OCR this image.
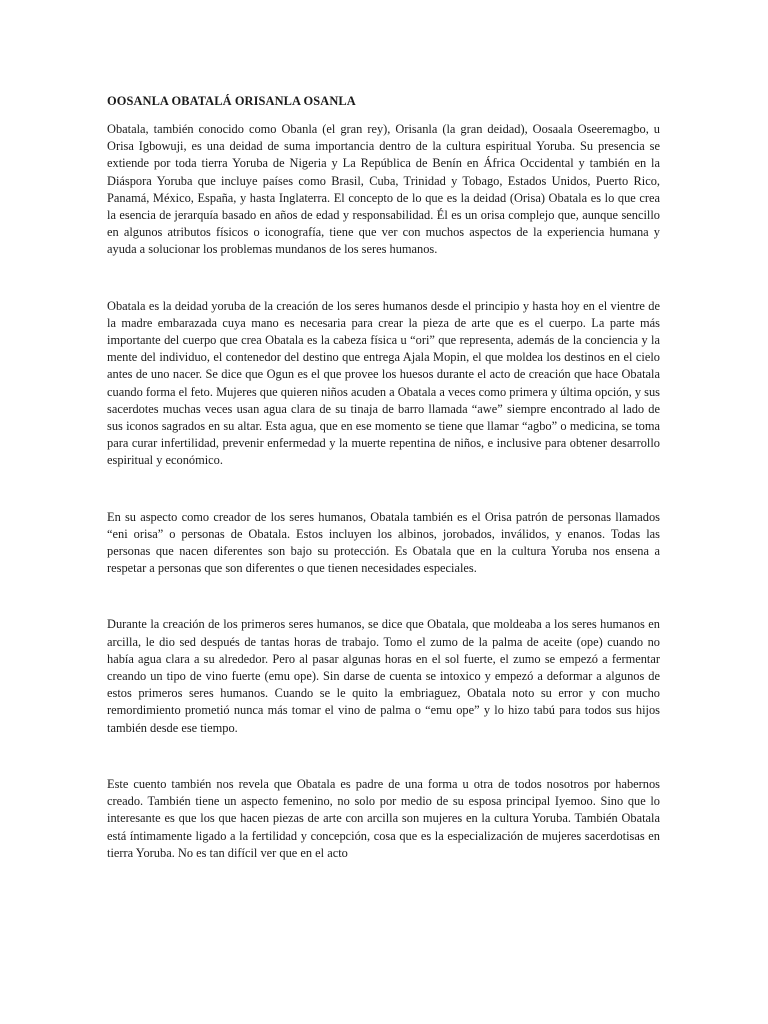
OOSANLA OBATALÁ ORISANLA OSANLA

Obatala, también conocido como Obanla (el gran rey), Orisanla (la gran deidad), Oosaala Oseeremagbo, u Orisa Igbowuji, es una deidad de suma importancia dentro de la cultura espiritual Yoruba. Su presencia se extiende por toda tierra Yoruba de Nigeria y La República de Benín en África Occidental y también en la Diáspora Yoruba que incluye países como Brasil, Cuba, Trinidad y Tobago, Estados Unidos, Puerto Rico, Panamá, México, España, y hasta Inglaterra. El concepto de lo que es la deidad (Orisa) Obatala es lo que crea la esencia de jerarquía basado en años de edad y responsabilidad. Él es un orisa complejo que, aunque sencillo en algunos atributos físicos o iconografía, tiene que ver con muchos aspectos de la experiencia humana y ayuda a solucionar los problemas mundanos de los seres humanos.

Obatala es la deidad yoruba de la creación de los seres humanos desde el principio y hasta hoy en el vientre de la madre embarazada cuya mano es necesaria para crear la pieza de arte que es el cuerpo. La parte más importante del cuerpo que crea Obatala es la cabeza física u “ori” que representa, además de la conciencia y la mente del individuo, el contenedor del destino que entrega Ajala Mopin, el que moldea los destinos en el cielo antes de uno nacer. Se dice que Ogun es el que provee los huesos durante el acto de creación que hace Obatala cuando forma el feto. Mujeres que quieren niños acuden a Obatala a veces como primera y última opción, y sus sacerdotes muchas veces usan agua clara de su tinaja de barro llamada “awe” siempre encontrado al lado de sus iconos sagrados en su altar. Esta agua, que en ese momento se tiene que llamar “agbo” o medicina, se toma para curar infertilidad, prevenir enfermedad y la muerte repentina de niños, e inclusive para obtener desarrollo espiritual y económico.

En su aspecto como creador de los seres humanos, Obatala también es el Orisa patrón de personas llamados “eni orisa” o personas de Obatala. Estos incluyen los albinos, jorobados, inválidos, y enanos. Todas las personas que nacen diferentes son bajo su protección. Es Obatala que en la cultura Yoruba nos ensena a respetar a personas que son diferentes o que tienen necesidades especiales.

Durante la creación de los primeros seres humanos, se dice que Obatala, que moldeaba a los seres humanos en arcilla, le dio sed después de tantas horas de trabajo. Tomo el zumo de la palma de aceite (ope) cuando no había agua clara a su alrededor. Pero al pasar algunas horas en el sol fuerte, el zumo se empezó a fermentar creando un tipo de vino fuerte (emu ope). Sin darse de cuenta se intoxico y empezó a deformar a algunos de estos primeros seres humanos. Cuando se le quito la embriaguez, Obatala noto su error y con mucho remordimiento prometió nunca más tomar el vino de palma o “emu ope” y lo hizo tabú para todos sus hijos también desde ese tiempo.

Este cuento también nos revela que Obatala es padre de una forma u otra de todos nosotros por habernos creado. También tiene un aspecto femenino, no solo por medio de su esposa principal Iyemoo. Sino que lo interesante es que los que hacen piezas de arte con arcilla son mujeres en la cultura Yoruba. También Obatala está íntimamente ligado a la fertilidad y concepción, cosa que es la especialización de mujeres sacerdotisas en tierra Yoruba. No es tan difícil ver que en el acto
